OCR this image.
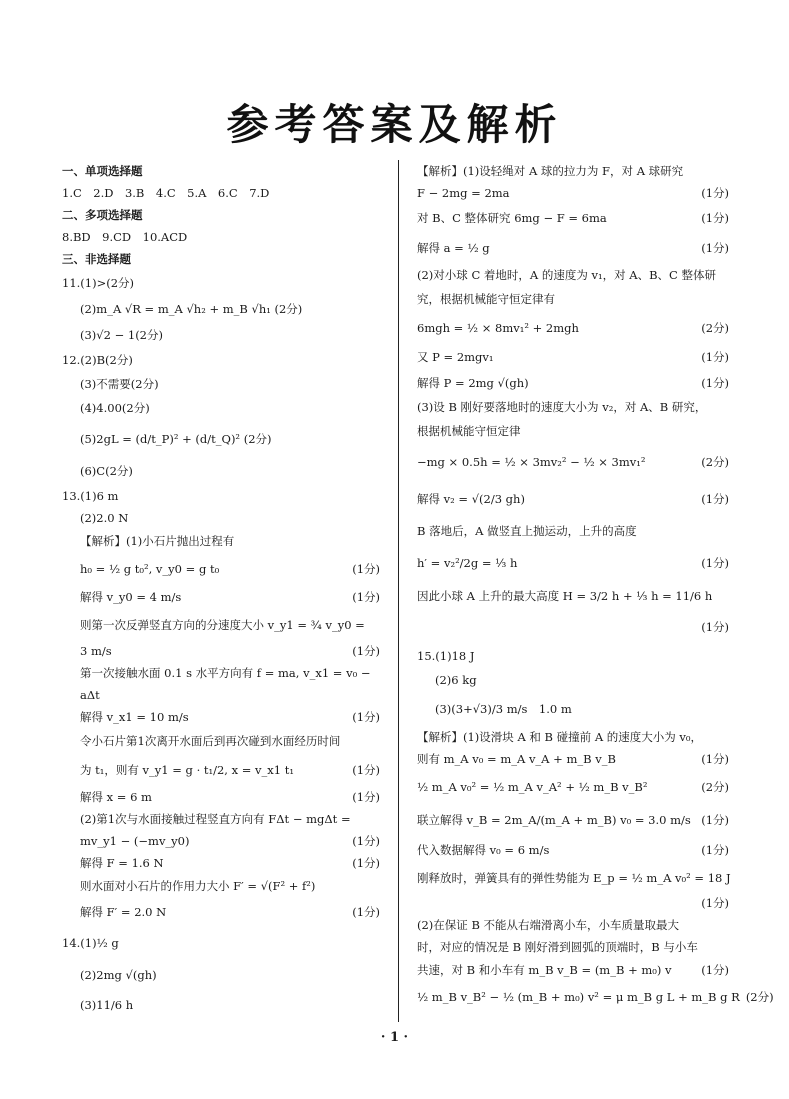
参考答案及解析
一、单项选择题
1.C　2.D　3.B　4.C　5.A　6.C　7.D
二、多项选择题
8.BD　9.CD　10.ACD
三、非选择题
11.(1)>(2分)
(2)m_A √R = m_A √h₂ + m_B √h₁ (2分)
(3)√2 − 1(2分)
12.(2)B(2分)
(3)不需要(2分)
(4)4.00(2分)
(5)2gL = (d/t_P)² + (d/t_Q)² (2分)
(6)C(2分)
13.(1)6 m
(2)2.0 N
【解析】(1)小石片抛出过程有
h₀ = ½ g t₀², v_y0 = g t₀	(1分)
解得 v_y0 = 4 m/s	(1分)
则第一次反弹竖直方向的分速度大小 v_y1 = ¾ v_y0 =
3 m/s	(1分)
第一次接触水面 0.1 s 水平方向有 f = ma, v_x1 = v₀ −
aΔt
解得 v_x1 = 10 m/s	(1分)
令小石片第1次离开水面后到再次碰到水面经历时间
为 t₁，则有 v_y1 = g · t₁/2, x = v_x1 t₁	(1分)
解得 x = 6 m	(1分)
(2)第1次与水面接触过程竖直方向有 FΔt − mgΔt =
mv_y1 − (−mv_y0)	(1分)
解得 F = 1.6 N	(1分)
则水面对小石片的作用力大小 F′ = √(F² + f²)
解得 F′ = 2.0 N	(1分)
14.(1)½ g
(2)2mg √(gh)
(3)11/6 h
【解析】(1)设轻绳对 A 球的拉力为 F，对 A 球研究
F − 2mg = 2ma	(1分)
对 B、C 整体研究 6mg − F = 6ma	(1分)
解得 a = ½ g	(1分)
(2)对小球 C 着地时，A 的速度为 v₁，对 A、B、C 整体研
究，根据机械能守恒定律有
6mgh = ½ × 8mv₁² + 2mgh	(2分)
又 P = 2mgv₁	(1分)
解得 P = 2mg √(gh)	(1分)
(3)设 B 刚好要落地时的速度大小为 v₂，对 A、B 研究，
根据机械能守恒定律
−mg × 0.5h = ½ × 3mv₂² − ½ × 3mv₁²	(2分)
解得 v₂ = √(2/3 gh)	(1分)
B 落地后，A 做竖直上抛运动，上升的高度
h′ = v₂²/2g = ⅓ h	(1分)
因此小球 A 上升的最大高度 H = 3/2 h + ⅓ h = 11/6 h
(1分)
15.(1)18 J
(2)6 kg
(3)(3+√3)/3 m/s　1.0 m
【解析】(1)设滑块 A 和 B 碰撞前 A 的速度大小为 v₀，
则有 m_A v₀ = m_A v_A + m_B v_B	(1分)
½ m_A v₀² = ½ m_A v_A² + ½ m_B v_B²	(2分)
联立解得 v_B = 2m_A/(m_A + m_B) v₀ = 3.0 m/s (1分)
代入数据解得 v₀ = 6 m/s	(1分)
刚释放时，弹簧具有的弹性势能为 E_p = ½ m_A v₀² = 18 J
(1分)
(2)在保证 B 不能从右端滑离小车，小车质量取最大
时，对应的情况是 B 刚好滑到圆弧的顶端时，B 与小车
共速，对 B 和小车有 m_B v_B = (m_B + m₀) v	(1分)
½ m_B v_B² − ½ (m_B + m₀) v² = μ m_B g L + m_B g R (2分)
· 1 ·
